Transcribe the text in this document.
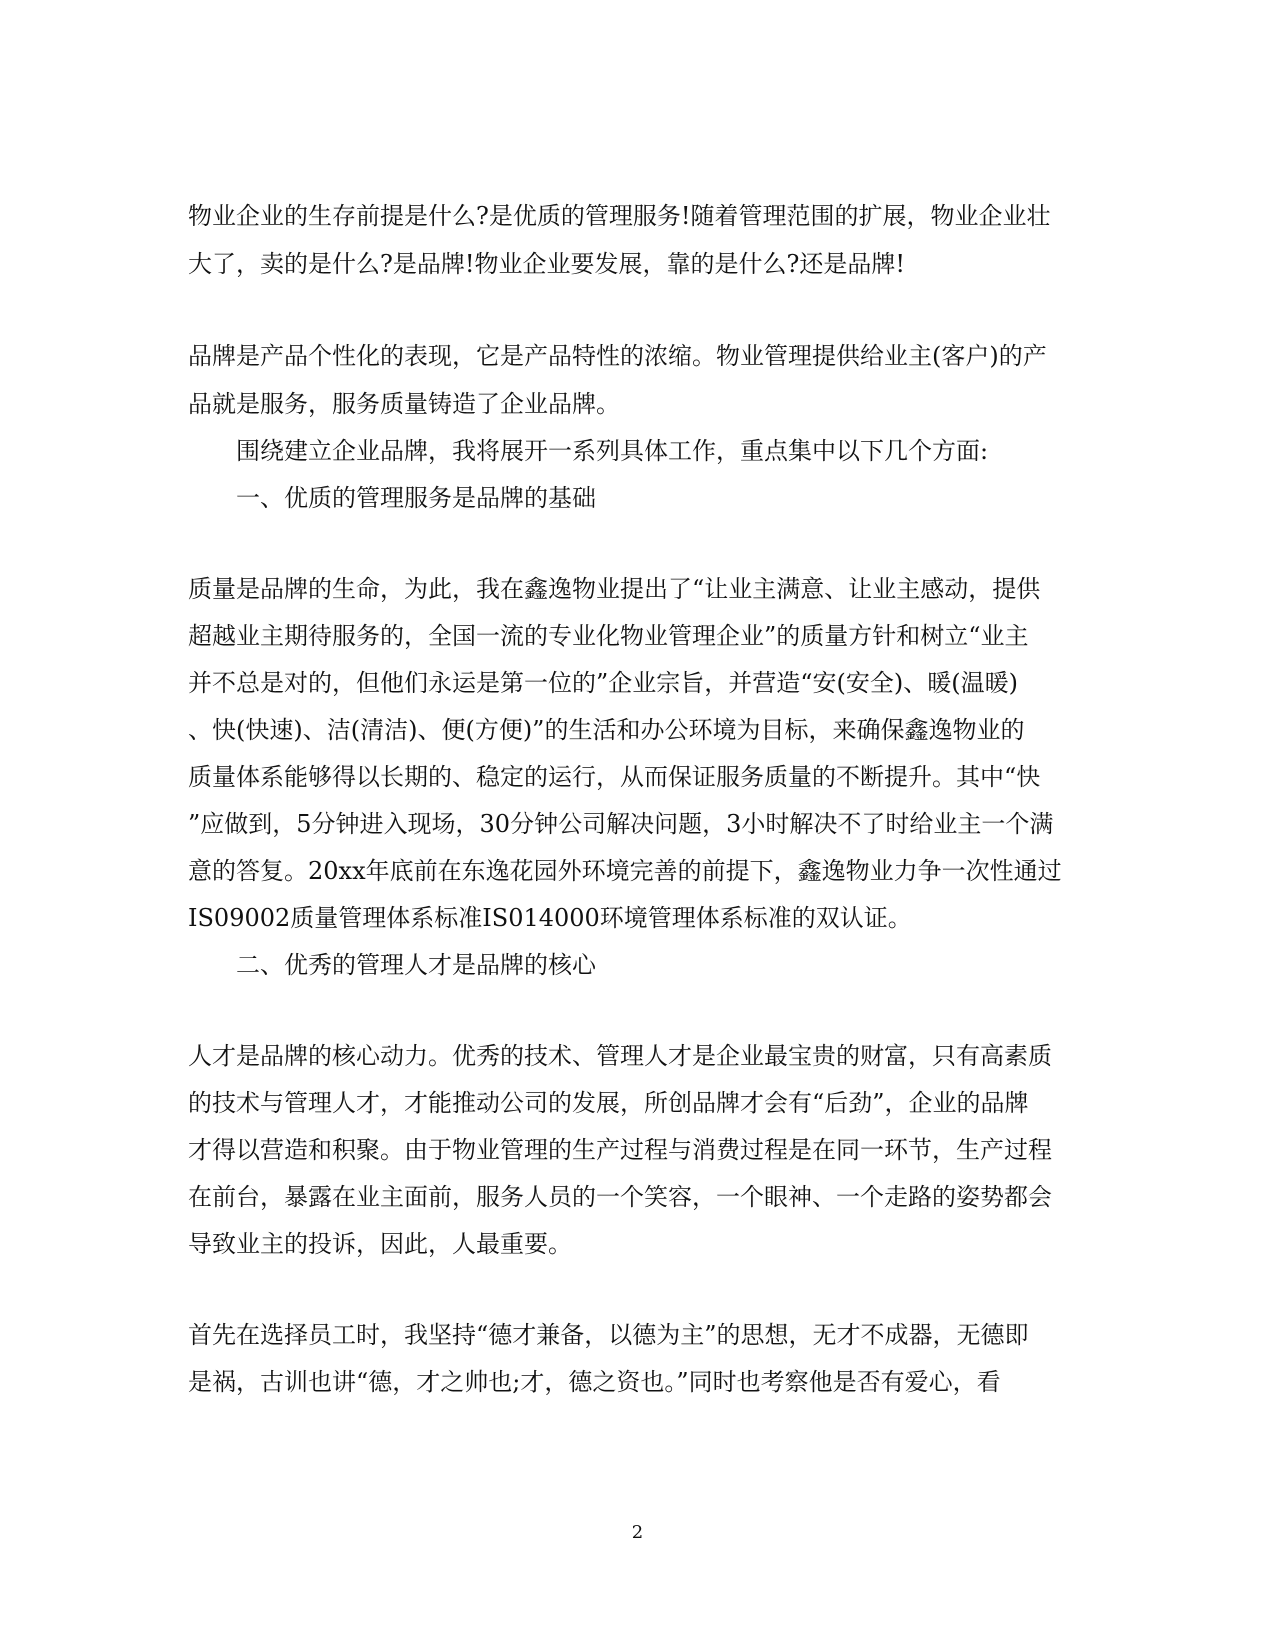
物业企业的生存前提是什么?是优质的管理服务!随着管理范围的扩展，物业企业壮
大了，卖的是什么?是品牌!物业企业要发展，靠的是什么?还是品牌!
品牌是产品个性化的表现，它是产品特性的浓缩。物业管理提供给业主(客户)的产
品就是服务，服务质量铸造了企业品牌。
围绕建立企业品牌，我将展开一系列具体工作，重点集中以下几个方面:
一、优质的管理服务是品牌的基础
质量是品牌的生命，为此，我在鑫逸物业提出了“让业主满意、让业主感动，提供
超越业主期待服务的，全国一流的专业化物业管理企业”的质量方针和树立“业主
并不总是对的，但他们永运是第一位的”企业宗旨，并营造“安(安全)、暖(温暖)
、快(快速)、洁(清洁)、便(方便)”的生活和办公环境为目标，来确保鑫逸物业的
质量体系能够得以长期的、稳定的运行，从而保证服务质量的不断提升。其中“快
”应做到，5分钟进入现场，30分钟公司解决问题，3小时解决不了时给业主一个满
意的答复。20xx年底前在东逸花园外环境完善的前提下，鑫逸物业力争一次性通过
IS09002质量管理体系标准IS014000环境管理体系标准的双认证。
二、优秀的管理人才是品牌的核心
人才是品牌的核心动力。优秀的技术、管理人才是企业最宝贵的财富，只有高素质
的技术与管理人才，才能推动公司的发展，所创品牌才会有“后劲”，企业的品牌
才得以营造和积聚。由于物业管理的生产过程与消费过程是在同一环节，生产过程
在前台，暴露在业主面前，服务人员的一个笑容，一个眼神、一个走路的姿势都会
导致业主的投诉，因此，人最重要。
首先在选择员工时，我坚持“德才兼备，以德为主”的思想，无才不成器，无德即
是祸，古训也讲“德，才之帅也;才，德之资也。”同时也考察他是否有爱心，看
2
